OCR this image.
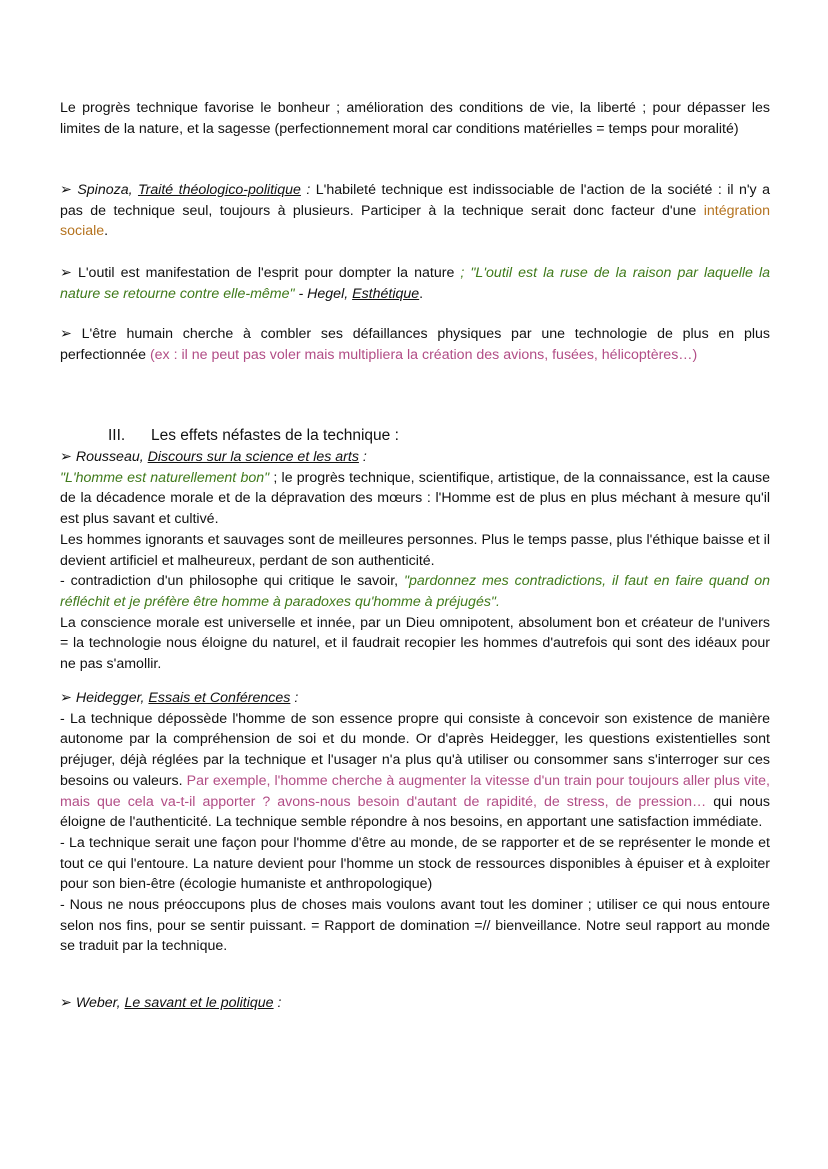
Le progrès technique favorise le bonheur ; amélioration des conditions de vie, la liberté ; pour dépasser les limites de la nature, et la sagesse (perfectionnement moral car conditions matérielles = temps pour moralité)

➢ Spinoza, Traité théologico-politique : L'habileté technique est indissociable de l'action de la société : il n'y a pas de technique seul, toujours à plusieurs. Participer à la technique serait donc facteur d'une intégration sociale.

➢ L'outil est manifestation de l'esprit pour dompter la nature ; "L'outil est la ruse de la raison par laquelle la nature se retourne contre elle-même" - Hegel, Esthétique.

➢ L'être humain cherche à combler ses défaillances physiques par une technologie de plus en plus perfectionnée (ex : il ne peut pas voler mais multipliera la création des avions, fusées, hélicoptères…)

III. Les effets néfastes de la technique :
➢ Rousseau, Discours sur la science et les arts :
"L'homme est naturellement bon" ; le progrès technique, scientifique, artistique, de la connaissance, est la cause de la décadence morale et de la dépravation des mœurs : l'Homme est de plus en plus méchant à mesure qu'il est plus savant et cultivé.
Les hommes ignorants et sauvages sont de meilleures personnes. Plus le temps passe, plus l'éthique baisse et il devient artificiel et malheureux, perdant de son authenticité.
- contradiction d'un philosophe qui critique le savoir, "pardonnez mes contradictions, il faut en faire quand on réfléchit et je préfère être homme à paradoxes qu'homme à préjugés".
La conscience morale est universelle et innée, par un Dieu omnipotent, absolument bon et créateur de l'univers = la technologie nous éloigne du naturel, et il faudrait recopier les hommes d'autrefois qui sont des idéaux pour ne pas s'amollir.
➢ Heidegger, Essais et Conférences :
- La technique dépossède l'homme de son essence propre qui consiste à concevoir son existence de manière autonome par la compréhension de soi et du monde. Or d'après Heidegger, les questions existentielles sont préjuger, déjà réglées par la technique et l'usager n'a plus qu'à utiliser ou consommer sans s'interroger sur ces besoins ou valeurs. Par exemple, l'homme cherche à augmenter la vitesse d'un train pour toujours aller plus vite, mais que cela va-t-il apporter ? avons-nous besoin d'autant de rapidité, de stress, de pression… qui nous éloigne de l'authenticité. La technique semble répondre à nos besoins, en apportant une satisfaction immédiate.
- La technique serait une façon pour l'homme d'être au monde, de se rapporter et de se représenter le monde et tout ce qui l'entoure. La nature devient pour l'homme un stock de ressources disponibles à épuiser et à exploiter pour son bien-être (écologie humaniste et anthropologique)
- Nous ne nous préoccupons plus de choses mais voulons avant tout les dominer ; utiliser ce qui nous entoure selon nos fins, pour se sentir puissant. = Rapport de domination =// bienveillance. Notre seul rapport au monde se traduit par la technique.
➢ Weber, Le savant et le politique :
